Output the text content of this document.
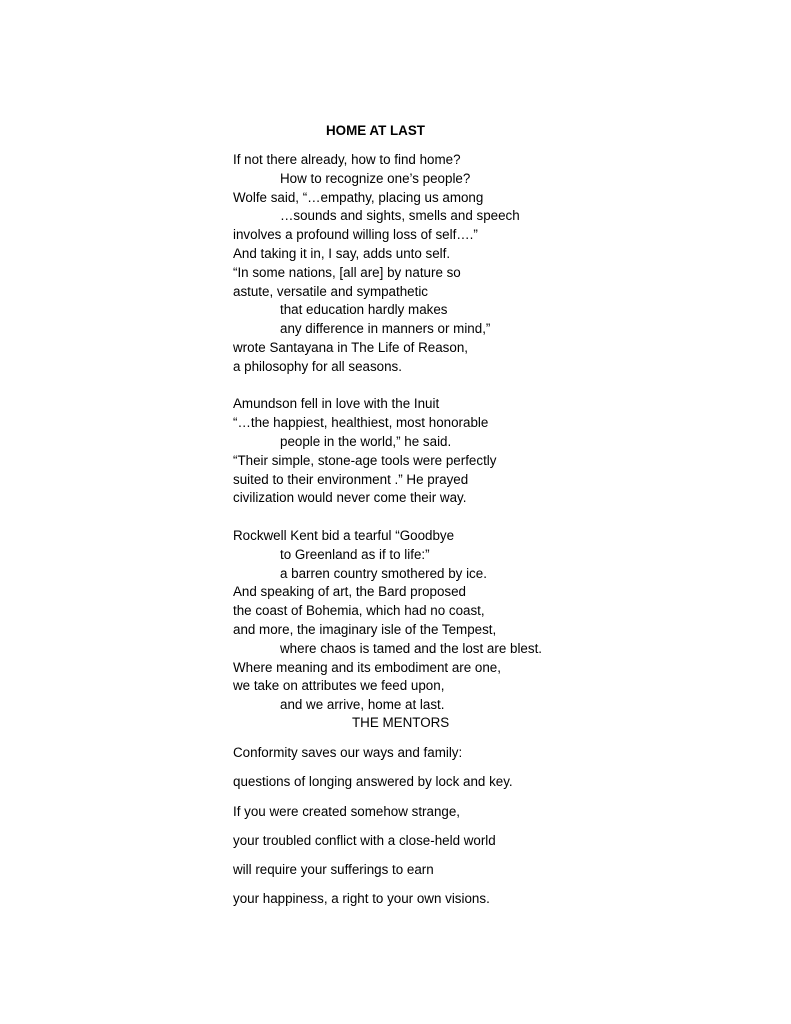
HOME AT LAST
If not there already, how to find home?
How to recognize one’s people?
Wolfe said, “…empathy, placing us among
…sounds and sights, smells and speech
involves a profound willing loss of self….”
And taking it in, I say, adds unto self.
“In some nations, [all are] by nature so
astute, versatile and sympathetic
that education hardly makes
any difference in manners or mind,”
wrote Santayana in The Life of Reason,
a philosophy for all seasons.
Amundson fell in love with the Inuit
“…the happiest, healthiest, most honorable
people in the world,” he said.
“Their simple, stone-age tools were perfectly
suited to their environment .” He prayed
civilization would never come their way.
Rockwell Kent bid a tearful “Goodbye
to Greenland as if to life:”
a barren country smothered by ice.
And speaking of art, the Bard proposed
the coast of Bohemia, which had no coast,
and more, the imaginary isle of the Tempest,
where chaos is tamed and the lost are blest.
Where meaning and its embodiment are one,
we take on attributes we feed upon,
and we arrive, home at last.
THE MENTORS
Conformity saves our ways and family:
questions of longing answered by lock and key.
If you were created somehow strange,
your troubled conflict with a close-held world
will require your sufferings to earn
your happiness, a right to your own visions.
